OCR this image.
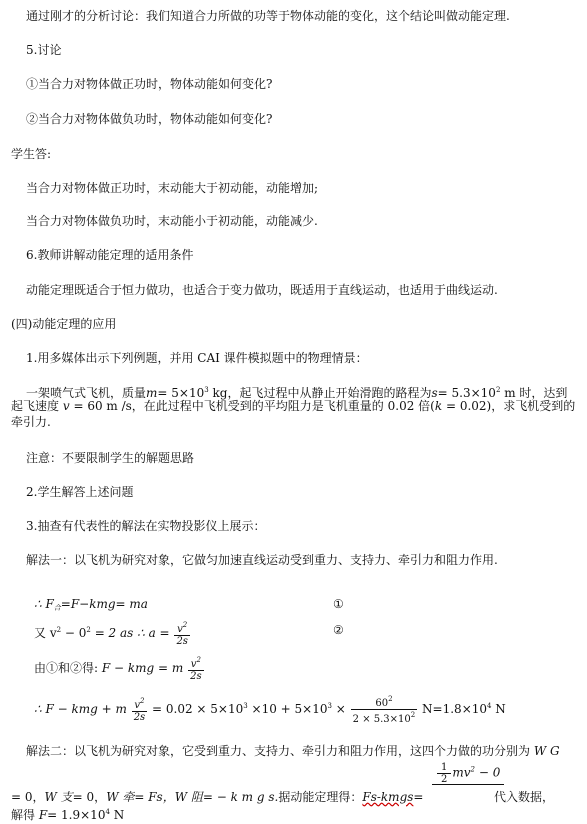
通过刚才的分析讨论：我们知道合力所做的功等于物体动能的变化，这个结论叫做动能定理.
5.讨论
①当合力对物体做正功时，物体动能如何变化?
②当合力对物体做负功时，物体动能如何变化?
学生答:
当合力对物体做正功时，末动能大于初动能，动能增加;
当合力对物体做负功时，末动能小于初动能，动能减少.
6.教师讲解动能定理的适用条件
动能定理既适合于恒力做功，也适合于变力做功，既适用于直线运动，也适用于曲线运动.
(四)动能定理的应用
1.用多媒体出示下列例题，并用 CAI 课件模拟题中的物理情景：
一架喷气式飞机，质量$m= 5\times 10^3$ kg，起飞过程中从静止开始滑跑的路程为$s= 5.3\times 10^2$ m 时，达到
起飞速度 v = 60 m /s，在此过程中飞机受到的平均阻力是飞机重量的 0.02 倍(k = 0.02)，求飞机受到的
牵引力.
注意：不要限制学生的解题思路
2.学生解答上述问题
3.抽查有代表性的解法在实物投影仪上展示：
解法一：以飞机为研究对象，它做匀加速直线运动受到重力、支持力、牵引力和阻力作用.
∴ $F_合=F-kmg=$ ma	①
又 $v^2 - 0^2 = 2$ as ∴ $a = \frac{v^2}{2s}$	②
由①和②得: F − kmg = m $\frac{v^2}{2s}$
∴ F − kmg + m $\frac{v^2}{2s} = 0.02 \times 5\times 10^3 \times 10 + 5\times 10^3 \times \frac{60^2}{2 \times 5.3\times 10^2} N=1.8\times 10^4$ N
解法二：以飞机为研究对象，它受到重力、支持力、牵引力和阻力作用，这四个力做的功分别为 W G
$\frac{1}{2} mv^2 - 0$
= 0，W 支= 0，W 牵= Fs，W 阻= − k m g s.据动能定理得：Fs-kmgs=	代入数据，
解得 $F= 1.9\times 10^4$ N
